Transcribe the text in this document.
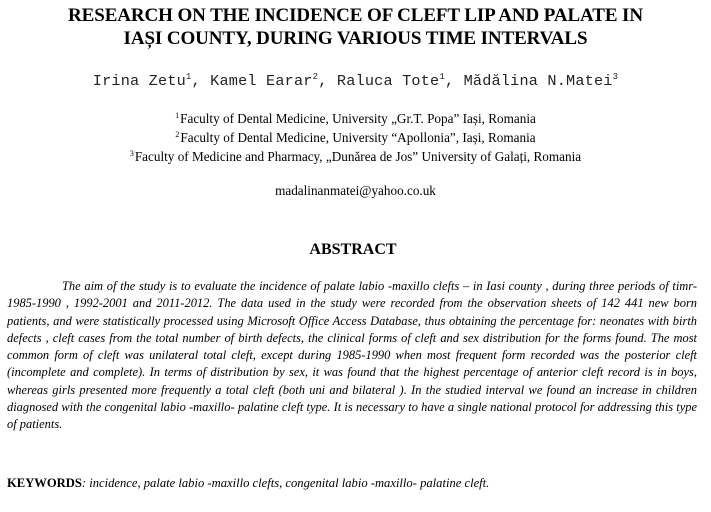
RESEARCH ON THE INCIDENCE OF CLEFT LIP AND PALATE IN
IAȘI COUNTY, DURING VARIOUS TIME INTERVALS
Irina Zetu$^1$, Kamel Earar$^2$, Raluca Tote$^1$, Mădălina N.Matei$^3$
$^1$Faculty of Dental Medicine, University „Gr.T. Popa” Iași, Romania
$^2$Faculty of Dental Medicine, University “Apollonia”, Iași, Romania
$^3$Faculty of Medicine and Pharmacy, „Dunărea de Jos” University of Galați, Romania
madalinanmatei@yahoo.co.uk
ABSTRACT

The aim of the study is to evaluate the incidence of palate labio -maxillo clefts – in Iasi county , during three periods of timr-1985-1990 , 1992-2001 and 2011-2012. The data used in the study were recorded from the observation sheets of 142 441 new born patients, and were statistically processed using Microsoft Office Access Database, thus obtaining the percentage for: neonates with birth defects , cleft cases from the total number of birth defects, the clinical forms of cleft and sex distribution for the forms found. The most common form of cleft was unilateral total cleft, except during 1985-1990 when most frequent form recorded was the posterior cleft (incomplete and complete). In terms of distribution by sex, it was found that the highest percentage of anterior cleft record is in boys, whereas girls presented more frequently a total cleft (both uni and bilateral ). In the studied interval we found an increase in children diagnosed with the congenital labio -maxillo- palatine cleft type. It is necessary to have a single national protocol for addressing this type of patients.

KEYWORDS: incidence, palate labio -maxillo clefts, congenital labio -maxillo- palatine cleft.
